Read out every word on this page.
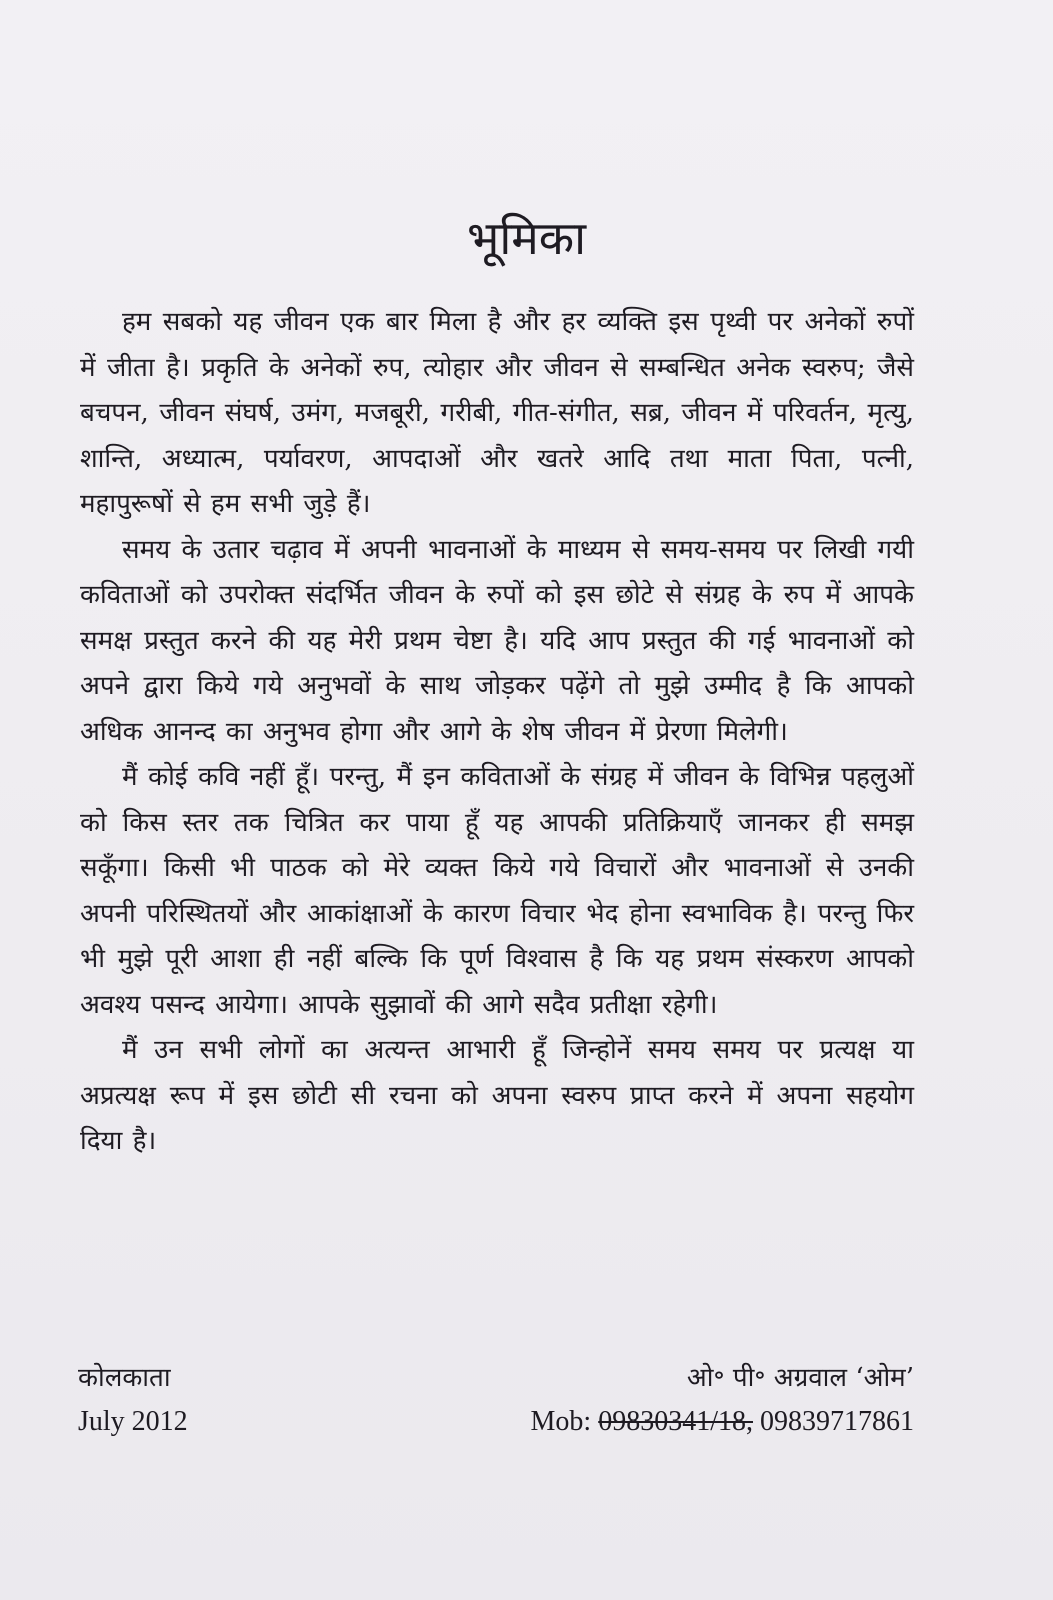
भूमिका

हम सबको यह जीवन एक बार मिला है और हर व्यक्ति इस पृथ्वी पर अनेकों रुपों में जीता है। प्रकृति के अनेकों रुप, त्योहार और जीवन से सम्बन्धित अनेक स्वरुप; जैसे बचपन, जीवन संघर्ष, उमंग, मजबूरी, गरीबी, गीत-संगीत, सब्र, जीवन में परिवर्तन, मृत्यु, शान्ति, अध्यात्म, पर्यावरण, आपदाओं और खतरे आदि तथा माता पिता, पत्नी, महापुरूषों से हम सभी जुड़े हैं।

समय के उतार चढ़ाव में अपनी भावनाओं के माध्यम से समय-समय पर लिखी गयी कविताओं को उपरोक्त संदर्भित जीवन के रुपों को इस छोटे से संग्रह के रुप में आपके समक्ष प्रस्तुत करने की यह मेरी प्रथम चेष्टा है। यदि आप प्रस्तुत की गई भावनाओं को अपने द्वारा किये गये अनुभवों के साथ जोड़कर पढ़ेंगे तो मुझे उम्मीद है कि आपको अधिक आनन्द का अनुभव होगा और आगे के शेष जीवन में प्रेरणा मिलेगी।

मैं कोई कवि नहीं हूँ। परन्तु, मैं इन कविताओं के संग्रह में जीवन के विभिन्न पहलुओं को किस स्तर तक चित्रित कर पाया हूँ यह आपकी प्रतिक्रियाएँ जानकर ही समझ सकूँगा। किसी भी पाठक को मेरे व्यक्त किये गये विचारों और भावनाओं से उनकी अपनी परिस्थितयों और आकांक्षाओं के कारण विचार भेद होना स्वभाविक है। परन्तु फिर भी मुझे पूरी आशा ही नहीं बल्कि कि पूर्ण विश्वास है कि यह प्रथम संस्करण आपको अवश्य पसन्द आयेगा। आपके सुझावों की आगे सदैव प्रतीक्षा रहेगी।

मैं उन सभी लोगों का अत्यन्त आभारी हूँ जिन्होनें समय समय पर प्रत्यक्ष या अप्रत्यक्ष रूप में इस छोटी सी रचना को अपना स्वरुप प्राप्त करने में अपना सहयोग दिया है।

कोलकाता	ओ॰ पी॰ अग्रवाल ‘ओम’
July 2012	Mob: 09830341/18, 09839717861
